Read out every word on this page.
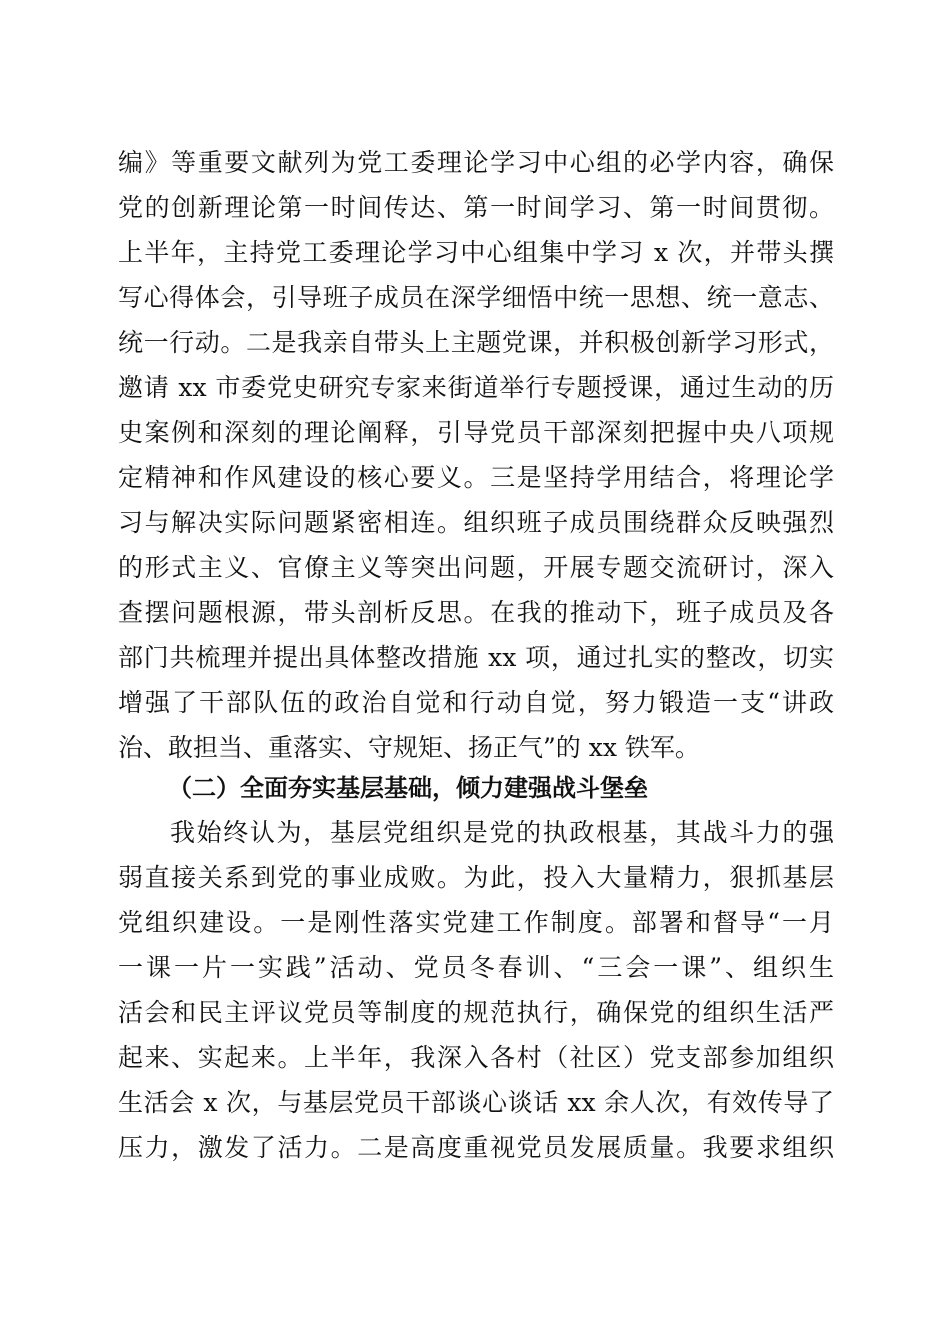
编》等重要文献列为党工委理论学习中心组的必学内容，确保
党的创新理论第一时间传达、第一时间学习、第一时间贯彻。
上半年，主持党工委理论学习中心组集中学习 x 次，并带头撰
写心得体会，引导班子成员在深学细悟中统一思想、统一意志、
统一行动。二是我亲自带头上主题党课，并积极创新学习形式，
邀请 xx 市委党史研究专家来街道举行专题授课，通过生动的历
史案例和深刻的理论阐释，引导党员干部深刻把握中央八项规
定精神和作风建设的核心要义。三是坚持学用结合，将理论学
习与解决实际问题紧密相连。组织班子成员围绕群众反映强烈
的形式主义、官僚主义等突出问题，开展专题交流研讨，深入
查摆问题根源，带头剖析反思。在我的推动下，班子成员及各
部门共梳理并提出具体整改措施 xx 项，通过扎实的整改，切实
增强了干部队伍的政治自觉和行动自觉，努力锻造一支“讲政
治、敢担当、重落实、守规矩、扬正气”的 xx 铁军。
（二）全面夯实基层基础，倾力建强战斗堡垒
我始终认为，基层党组织是党的执政根基，其战斗力的强
弱直接关系到党的事业成败。为此，投入大量精力，狠抓基层
党组织建设。一是刚性落实党建工作制度。部署和督导“一月
一课一片一实践”活动、党员冬春训、“三会一课”、组织生
活会和民主评议党员等制度的规范执行，确保党的组织生活严
起来、实起来。上半年，我深入各村（社区）党支部参加组织
生活会 x 次，与基层党员干部谈心谈话 xx 余人次，有效传导了
压力，激发了活力。二是高度重视党员发展质量。我要求组织
